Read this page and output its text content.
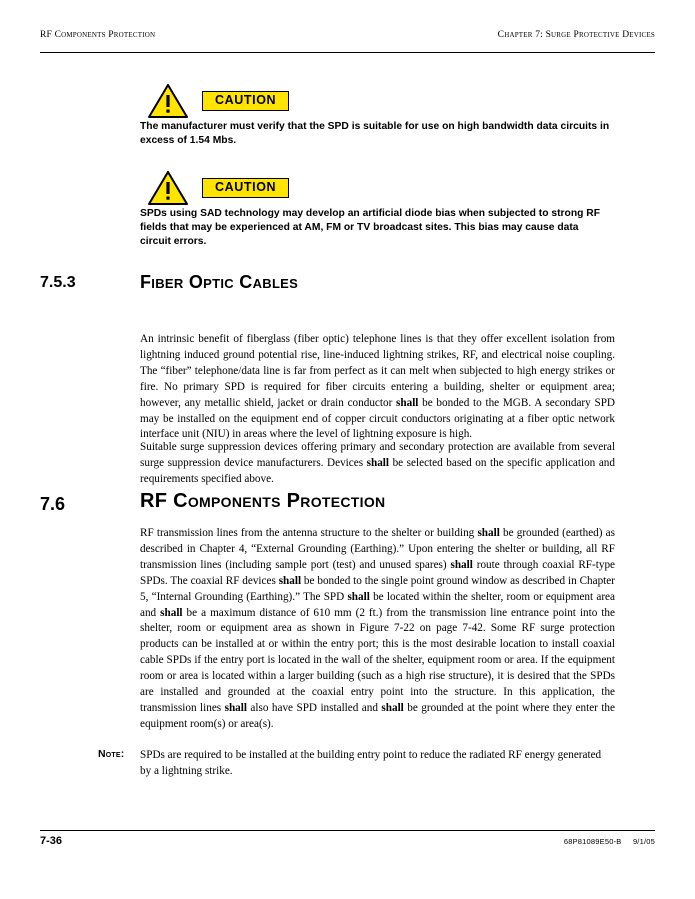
RF Components Protection	Chapter 7: Surge Protective Devices
CAUTION
The manufacturer must verify that the SPD is suitable for use on high bandwidth data circuits in excess of 1.54 Mbs.
CAUTION
SPDs using SAD technology may develop an artificial diode bias when subjected to strong RF fields that may be experienced at AM, FM or TV broadcast sites. This bias may cause data circuit errors.
7.5.3	Fiber Optic Cables
An intrinsic benefit of fiberglass (fiber optic) telephone lines is that they offer excellent isolation from lightning induced ground potential rise, line-induced lightning strikes, RF, and electrical noise coupling. The “fiber” telephone/data line is far from perfect as it can melt when subjected to high energy strikes or fire. No primary SPD is required for fiber circuits entering a building, shelter or equipment area; however, any metallic shield, jacket or drain conductor shall be bonded to the MGB. A secondary SPD may be installed on the equipment end of copper circuit conductors originating at a fiber optic network interface unit (NIU) in areas where the level of lightning exposure is high.
Suitable surge suppression devices offering primary and secondary protection are available from several surge suppression device manufacturers. Devices shall be selected based on the specific application and requirements specified above.
7.6	RF Components Protection
RF transmission lines from the antenna structure to the shelter or building shall be grounded (earthed) as described in Chapter 4, “External Grounding (Earthing).” Upon entering the shelter or building, all RF transmission lines (including sample port (test) and unused spares) shall route through coaxial RF-type SPDs. The coaxial RF devices shall be bonded to the single point ground window as described in Chapter 5, “Internal Grounding (Earthing).” The SPD shall be located within the shelter, room or equipment area and shall be a maximum distance of 610 mm (2 ft.) from the transmission line entrance point into the shelter, room or equipment area as shown in Figure 7-22 on page 7-42. Some RF surge protection products can be installed at or within the entry port; this is the most desirable location to install coaxial cable SPDs if the entry port is located in the wall of the shelter, equipment room or area. If the equipment room or area is located within a larger building (such as a high rise structure), it is desired that the SPDs are installed and grounded at the coaxial entry point into the structure. In this application, the transmission lines shall also have SPD installed and shall be grounded at the point where they enter the equipment room(s) or area(s).
Note: SPDs are required to be installed at the building entry point to reduce the radiated RF energy generated by a lightning strike.
7-36	68P81089E50-B 9/1/05
